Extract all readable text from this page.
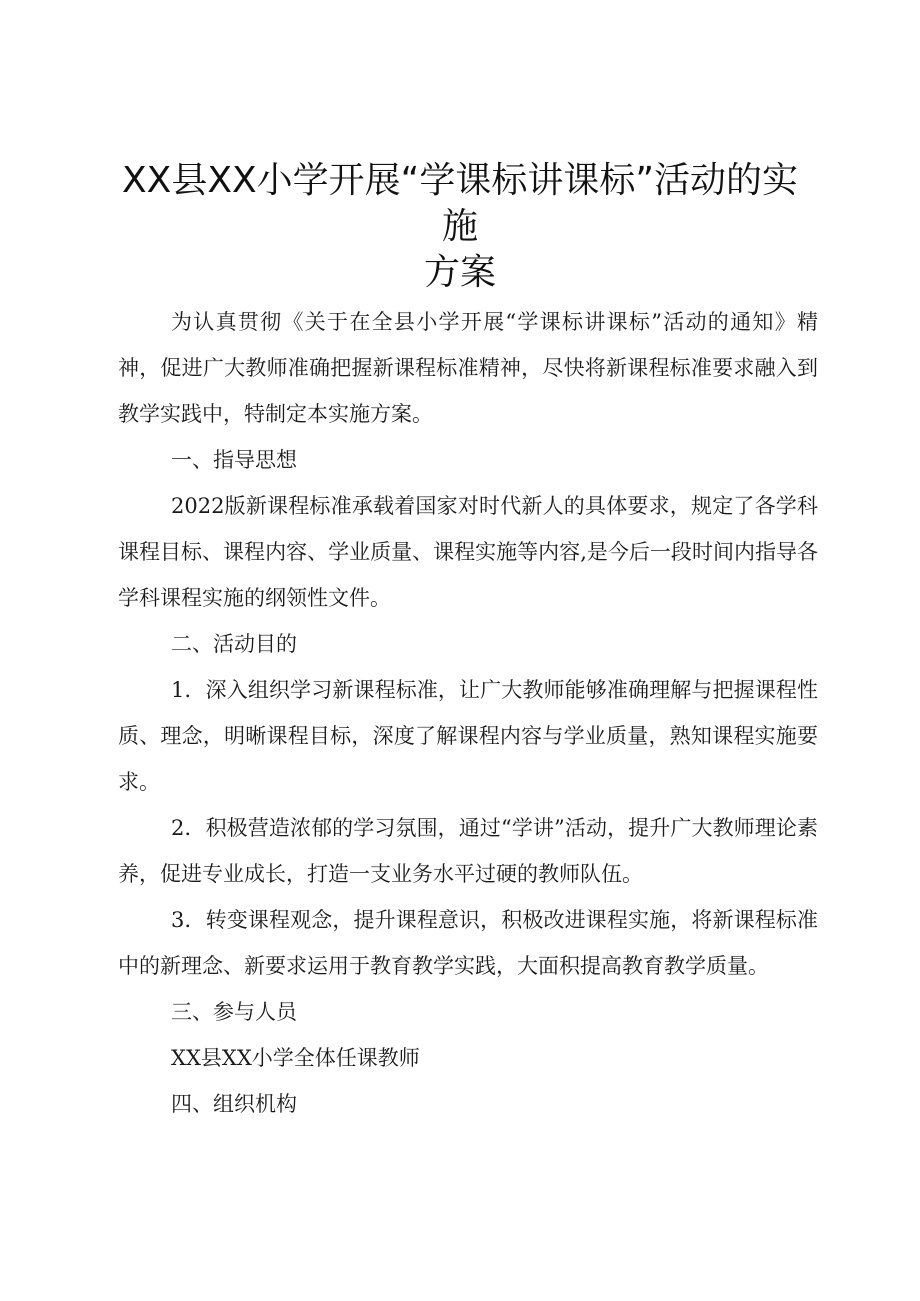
XX县XX小学开展“学课标讲课标”活动的实
施
方案

为认真贯彻《关于在全县小学开展“学课标讲课标”活动的通知》精神，促进广大教师准确把握新课程标准精神，尽快将新课程标准要求融入到教学实践中，特制定本实施方案。

一、指导思想

2022版新课程标准承载着国家对时代新人的具体要求，规定了各学科课程目标、课程内容、学业质量、课程实施等内容,是今后一段时间内指导各学科课程实施的纲领性文件。

二、活动目的

1．深入组织学习新课程标准，让广大教师能够准确理解与把握课程性质、理念，明晰课程目标，深度了解课程内容与学业质量，熟知课程实施要求。

2．积极营造浓郁的学习氛围，通过“学讲”活动，提升广大教师理论素养，促进专业成长，打造一支业务水平过硬的教师队伍。

3．转变课程观念，提升课程意识，积极改进课程实施，将新课程标准中的新理念、新要求运用于教育教学实践，大面积提高教育教学质量。

三、参与人员

XX县XX小学全体任课教师

四、组织机构
